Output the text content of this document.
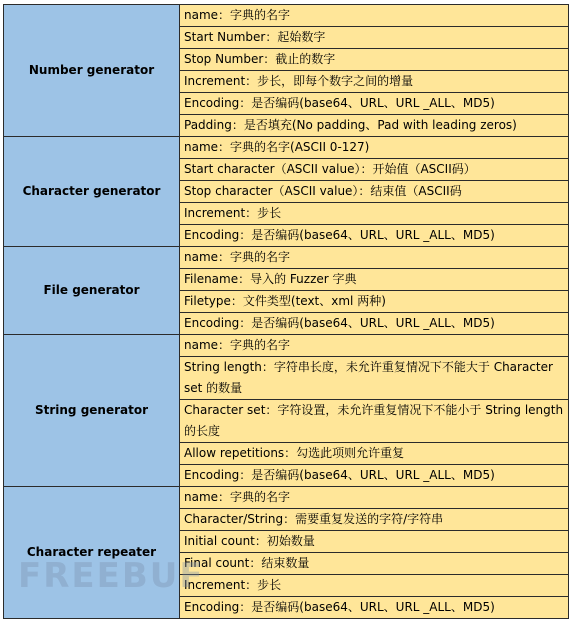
Number generator	name：字典的名字
	Start Number：起始数字
	Stop Number：截止的数字
	Increment：步长，即每个数字之间的增量
	Encoding：是否编码(base64、URL、URL _ALL、MD5)
	Padding：是否填充(No padding、Pad with leading zeros)
Character generator	name：字典的名字(ASCII 0-127)
	Start character（ASCII value）：开始值（ASCII码）
	Stop character（ASCII value）：结束值（ASCII码
	Increment：步长
	Encoding：是否编码(base64、URL、URL _ALL、MD5)
File generator	name：字典的名字
	Filename：导入的 Fuzzer 字典
	Filetype：文件类型(text、xml 两种)
	Encoding：是否编码(base64、URL、URL _ALL、MD5)
String generator	name：字典的名字
	String length：字符串长度，未允许重复情况下不能大于 Character set 的数量
	Character set：字符设置，未允许重复情况下不能小于 String length 的长度
	Allow repetitions：勾选此项则允许重复
	Encoding：是否编码(base64、URL、URL _ALL、MD5)
Character repeater	name：字典的名字
	Character/String：需要重复发送的字符/字符串
	Initial count：初始数量
	Final count：结束数量
	Increment：步长
	Encoding：是否编码(base64、URL、URL _ALL、MD5)
FREEBUF
